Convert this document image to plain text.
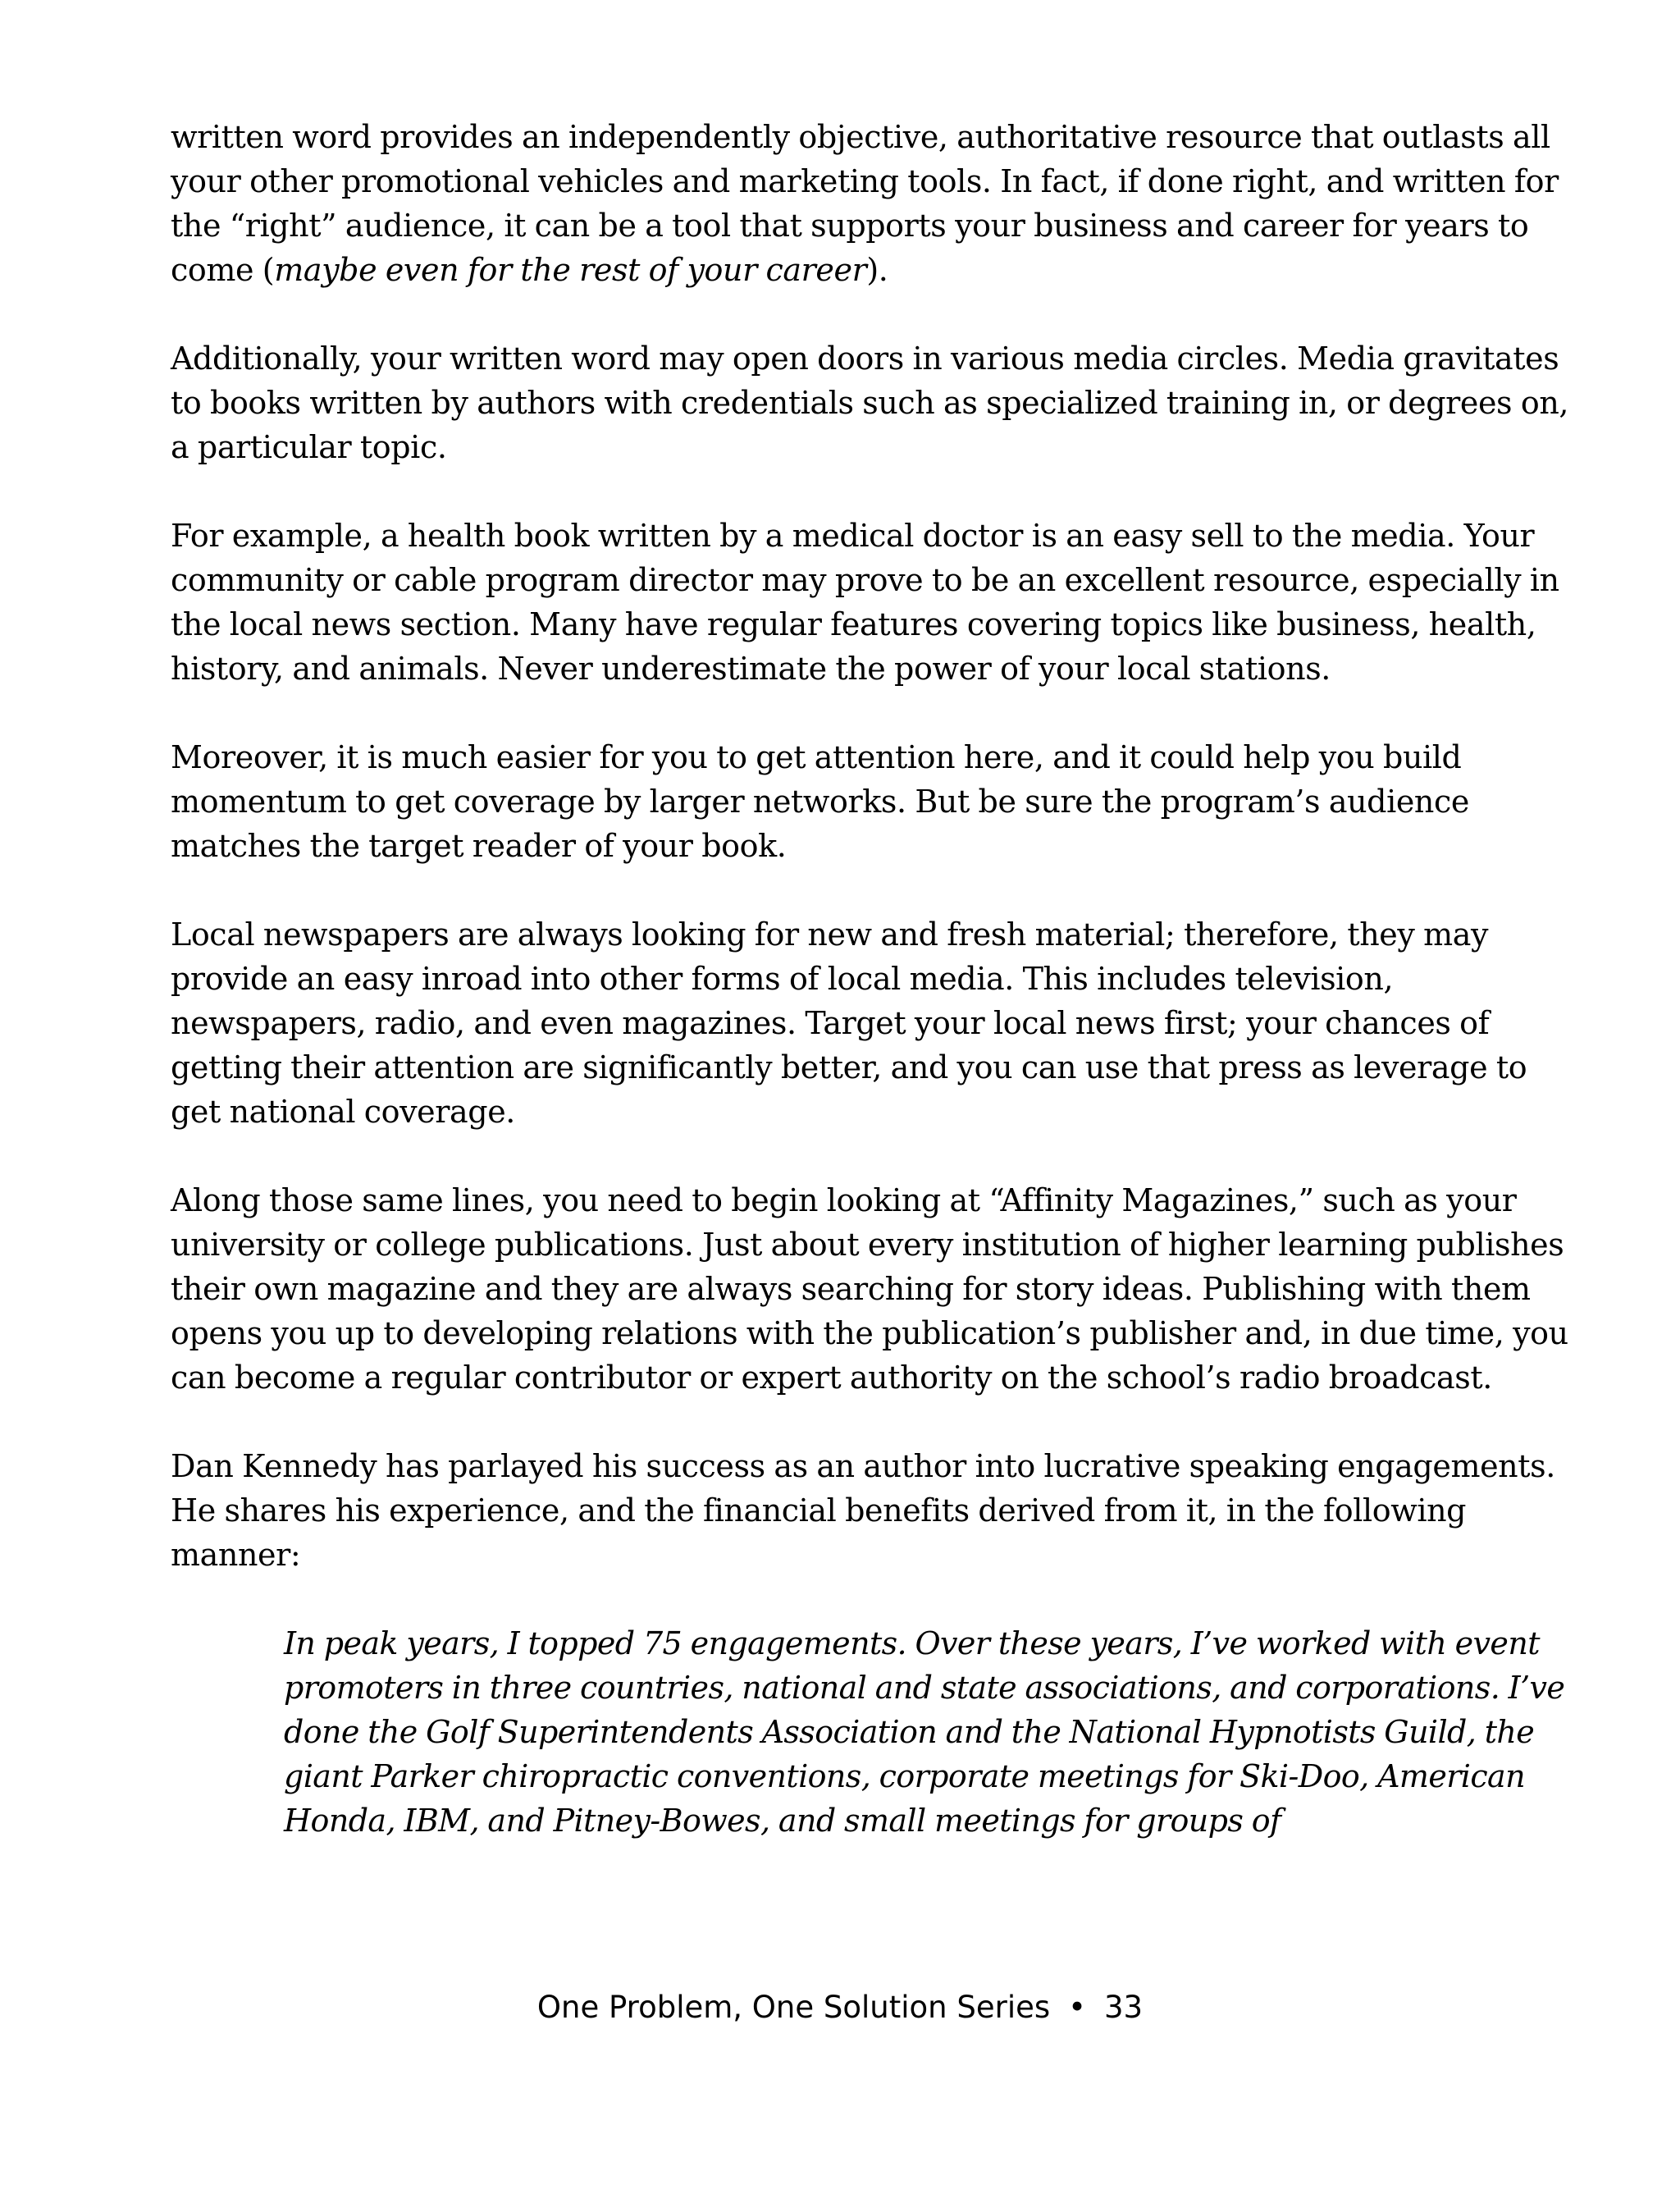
written word provides an independently objective, authoritative resource that outlasts all your other promotional vehicles and marketing tools. In fact, if done right, and written for the “right” audience, it can be a tool that supports your business and career for years to come (maybe even for the rest of your career).

Additionally, your written word may open doors in various media circles. Media gravitates to books written by authors with credentials such as specialized training in, or degrees on, a particular topic.

For example, a health book written by a medical doctor is an easy sell to the media. Your community or cable program director may prove to be an excellent resource, especially in the local news section. Many have regular features covering topics like business, health, history, and animals. Never underestimate the power of your local stations.

Moreover, it is much easier for you to get attention here, and it could help you build momentum to get coverage by larger networks. But be sure the program’s audience matches the target reader of your book.

Local newspapers are always looking for new and fresh material; therefore, they may provide an easy inroad into other forms of local media. This includes television, newspapers, radio, and even magazines. Target your local news first; your chances of getting their attention are significantly better, and you can use that press as leverage to get national coverage.

Along those same lines, you need to begin looking at “Affinity Magazines,” such as your university or college publications. Just about every institution of higher learning publishes their own magazine and they are always searching for story ideas. Publishing with them opens you up to developing relations with the publication’s publisher and, in due time, you can become a regular contributor or expert authority on the school’s radio broadcast.

Dan Kennedy has parlayed his success as an author into lucrative speaking engagements. He shares his experience, and the financial benefits derived from it, in the following manner:

In peak years, I topped 75 engagements. Over these years, I’ve worked with event promoters in three countries, national and state associations, and corporations. I’ve done the Golf Superintendents Association and the National Hypnotists Guild, the giant Parker chiropractic conventions, corporate meetings for Ski-Doo, American Honda, IBM, and Pitney-Bowes, and small meetings for groups of

One Problem, One Solution Series • 33
